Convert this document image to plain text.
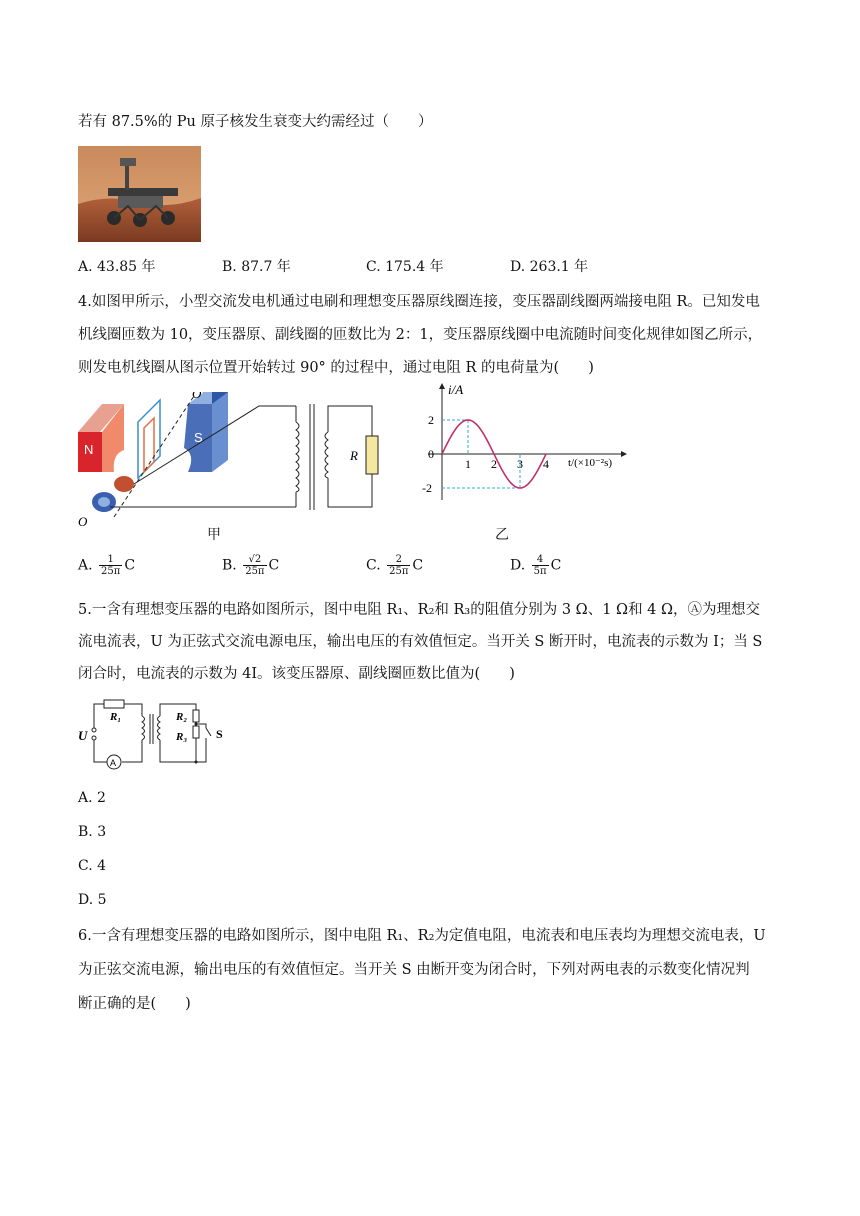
若有 87.5%的 Pu 原子核发生衰变大约需经过（　　）
A. 43.85 年	B. 87.7 年	C. 175.4 年	D. 263.1 年
4.如图甲所示，小型交流发电机通过电刷和理想变压器原线圈连接，变压器副线圈两端接电阻 R。已知发电
机线圈匝数为 10，变压器原、副线圈的匝数比为 2：1，变压器原线圈中电流随时间变化规律如图乙所示，
则发电机线圈从图示位置开始转过 90° 的过程中，通过电阻 R 的电荷量为(　　)
N
S
O′
O
R
甲
i/A
t/(×10⁻²s)
0
2
-2
1 2 3 4
乙
A. $\frac{1}{25\pi}$ C	B. $\frac{√2}{25\pi}$ C	C. $\frac{2}{25\pi}$ C	D. $\frac{4}{5\pi}$ C
5.一含有理想变压器的电路如图所示，图中电阻 R₁、R₂和 R₃的阻值分别为 3 Ω、1 Ω和 4 Ω，Ⓐ为理想交
流电流表，U 为正弦式交流电源电压，输出电压的有效值恒定。当开关 S 断开时，电流表的示数为 I；当 S
闭合时，电流表的示数为 4I。该变压器原、副线圈匝数比值为(　　)
A
U
R₁	R₂
R₃ S
A. 2
B. 3
C. 4
D. 5
6.一含有理想变压器的电路如图所示，图中电阻 R₁、R₂为定值电阻，电流表和电压表均为理想交流电表，U
为正弦交流电源，输出电压的有效值恒定。当开关 S 由断开变为闭合时，下列对两电表的示数变化情况判
断正确的是(　　)
